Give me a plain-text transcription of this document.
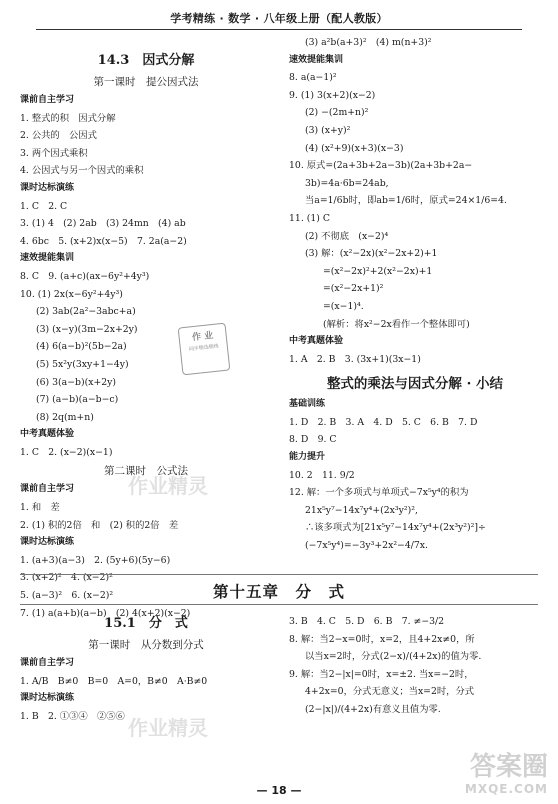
学考精练 · 数学 · 八年级上册（配人教版）
14.3　因式分解
第一课时　提公因式法
课前自主学习
1. 整式的积　因式分解
2. 公共的　公因式
3. 两个因式乘积
4. 公因式与另一个因式的乘积
课时达标演练
1. C　2. C
3. (1) 4　(2) 2ab　(3) 24mn　(4) ab
4. 6bc　5. (x+2)x(x−5)　7. 2a(a−2)
速效提能集训
8. C　9. (a+c)(ax−6y²+4y³)
10. (1) 2x(x−6y²+4y³)
(2) 3ab(2a²−3abc+a)
(3) (x−y)(3m−2x+2y)
(4) 6(a−b)²(5b−2a)
(5) 5x²y(3xy+1−4y)
(6) 3(a−b)(x+2y)
(7) (a−b)(a−b−c)
(8) 2q(m+n)
中考真题体验
1. C　2. (x−2)(x−1)
第二课时　公式法
课前自主学习
1. 和　差
2. (1) 积的2倍　和　(2) 积的2倍　差
课时达标演练
1. (a+3)(a−3)　2. (5y+6)(5y−6)
3. (x+2)²　4. (x−2)²
5. (a−3)²　6. (x−2)²
7. (1) a(a+b)(a−b)　(2) 4(x+2)(x−2)
(3) a²b(a+3)²　(4) m(n+3)²
速效提能集训
8. a(a−1)²
9. (1) 3(x+2)(x−2)
(2) −(2m+n)²
(3) (x+y)²
(4) (x²+9)(x+3)(x−3)
10. 原式=(2a+3b+2a−3b)(2a+3b+2a−
3b)=4a·6b=24ab,
当a=1/6b时，即ab=1/6时，原式=24×1/6=4.
11. (1) C
(2) 不彻底　(x−2)⁴
(3) 解：(x²−2x)(x²−2x+2)+1
=(x²−2x)²+2(x²−2x)+1
=(x²−2x+1)²
=(x−1)⁴.
(解析：将x²−2x看作一个整体即可)
中考真题体验
1. A　2. B　3. (3x+1)(3x−1)
整式的乘法与因式分解 · 小结
基础训练
1. D　2. B　3. A　4. D　5. C　6. B　7. D
8. D　9. C
能力提升
10. 2　11. 9/2
12. 解：一个多项式与单项式−7x⁵y⁴的积为
21x⁵y⁷−14x⁷y⁴+(2x³y²)²,
∴该多项式为[21x⁵y⁷−14x⁷y⁴+(2x³y²)²]÷
(−7x⁵y⁴)=−3y³+2x²−4/7x.
第十五章　分　式
15.1　分　式
第一课时　从分数到分式
课前自主学习
1. A/B　B≠0　B=0　A=0，B≠0　A·B≠0
课时达标演练
1. B　2. ①③④　②⑤⑥
3. B　4. C　5. D　6. B　7. ≠−3/2
8. 解：当2−x=0时，x=2，且4+2x≠0，所
以当x=2时，分式(2−x)/(4+2x)的值为零.
9. 解：当2−|x|=0时，x=±2. 当x=−2时，
4+2x=0，分式无意义；当x=2时，分式
(2−|x|)/(4+2x)有意义且值为零.
作 业
同步精选精练
作业精灵
作业精灵
答案圈
MXQE.COM
— 18 —
